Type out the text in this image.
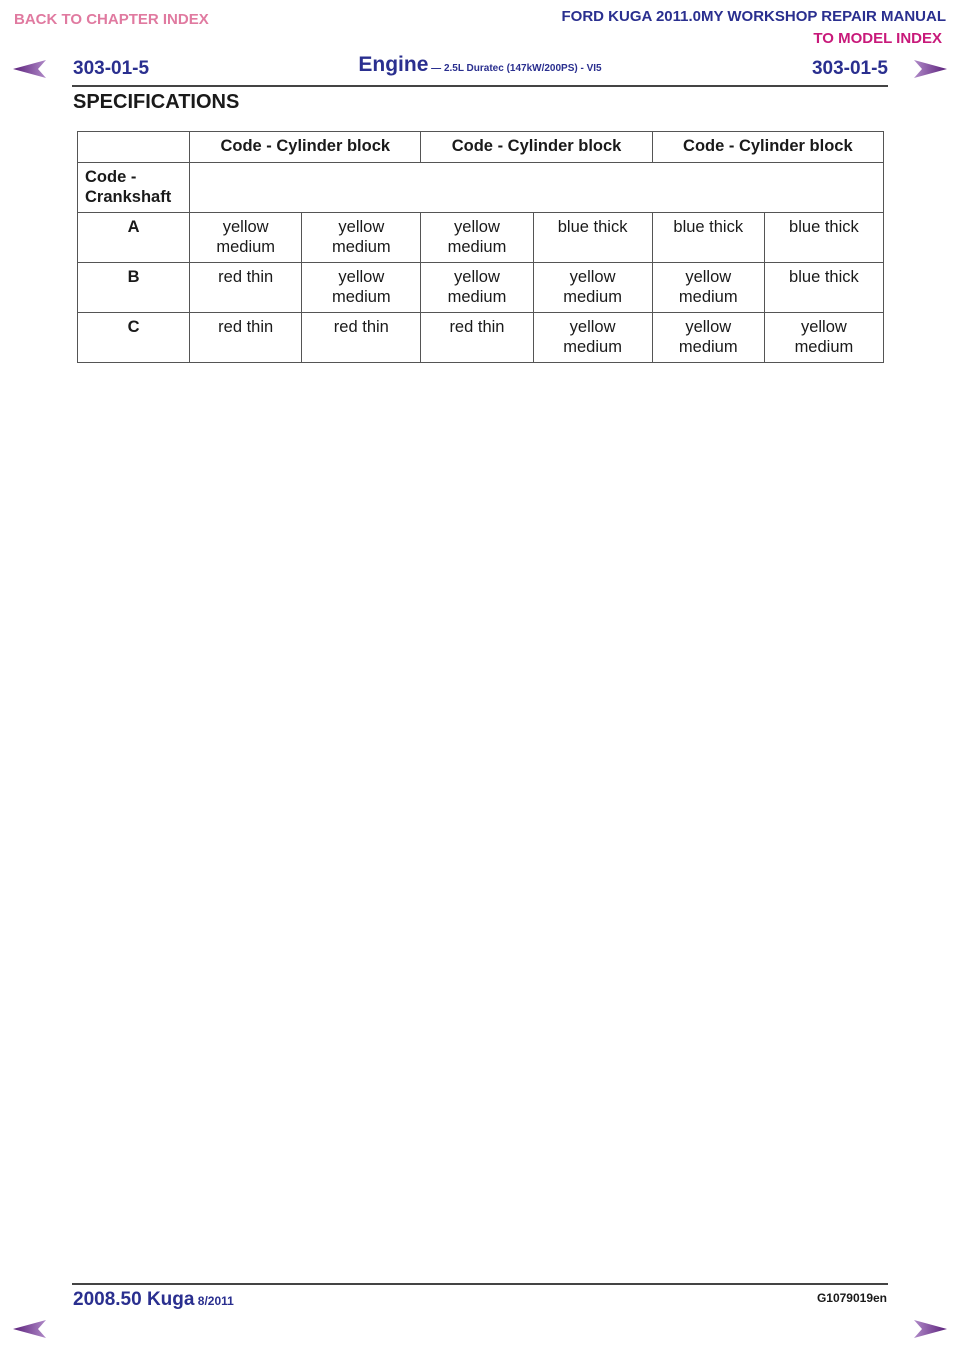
BACK TO CHAPTER INDEX	FORD KUGA 2011.0MY WORKSHOP REPAIR MANUAL
TO MODEL INDEX
303-01-5	Engine — 2.5L Duratec (147kW/200PS) - VI5	303-01-5
SPECIFICATIONS
	Code - Cylinder block		Code - Cylinder block		Code - Cylinder block	
Code -
Crankshaft						
A	yellow medium	yellow medium	yellow medium	blue thick	blue thick	blue thick
B	red thin	yellow medium	yellow medium	yellow medium	yellow medium	blue thick
C	red thin	red thin	red thin	yellow medium	yellow medium	yellow medium
2008.50 Kuga 8/2011	G1079019en
